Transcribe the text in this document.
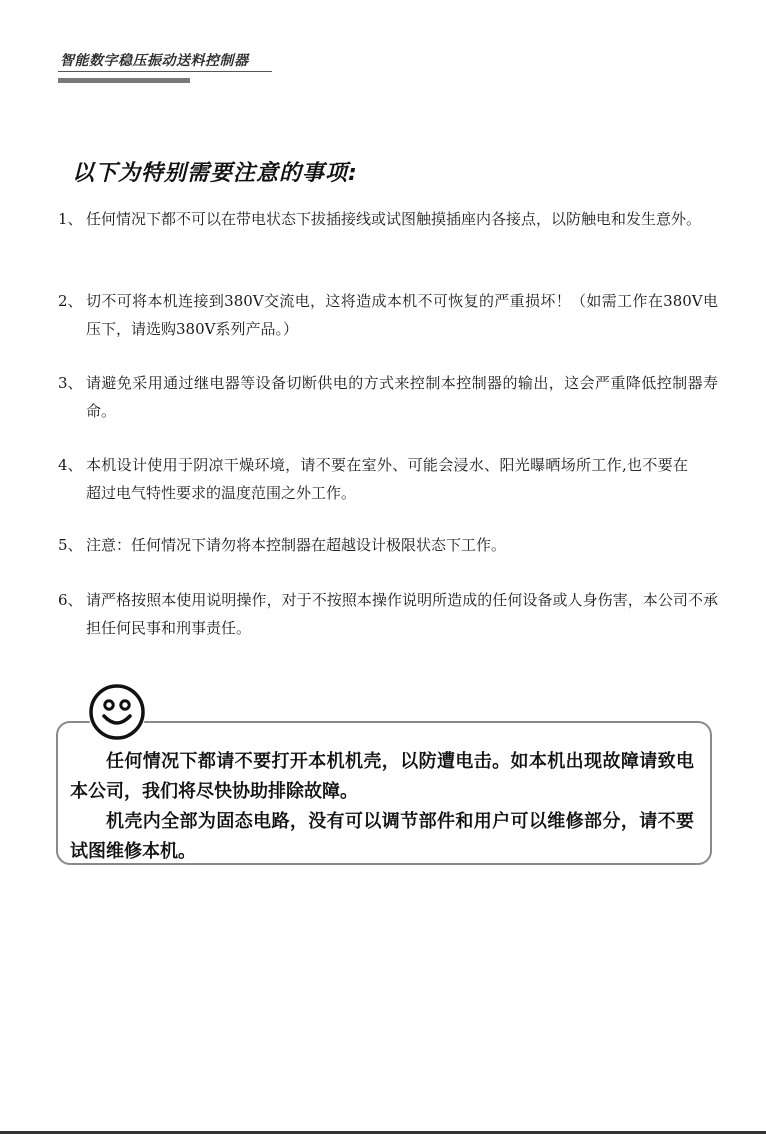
智能数字稳压振动送料控制器
以下为特别需要注意的事项:
1、 任何情况下都不可以在带电状态下拔插接线或试图触摸插座内各接点，以防触电和发生意外。
2、 切不可将本机连接到380V交流电，这将造成本机不可恢复的严重损坏！（如需工作在380V电压下，请选购380V系列产品。）
3、 请避免采用通过继电器等设备切断供电的方式来控制本控制器的输出，这会严重降低控制器寿命。
4、 本机设计使用于阴凉干燥环境，请不要在室外、可能会浸水、阳光曝晒场所工作,也不要在超过电气特性要求的温度范围之外工作。
5、 注意：任何情况下请勿将本控制器在超越设计极限状态下工作。
6、 请严格按照本使用说明操作，对于不按照本操作说明所造成的任何设备或人身伤害，本公司不承担任何民事和刑事责任。

任何情况下都请不要打开本机机壳，以防遭电击。如本机出现故障请致电本公司，我们将尽快协助排除故障。

机壳内全部为固态电路，没有可以调节部件和用户可以维修部分，请不要试图维修本机。
